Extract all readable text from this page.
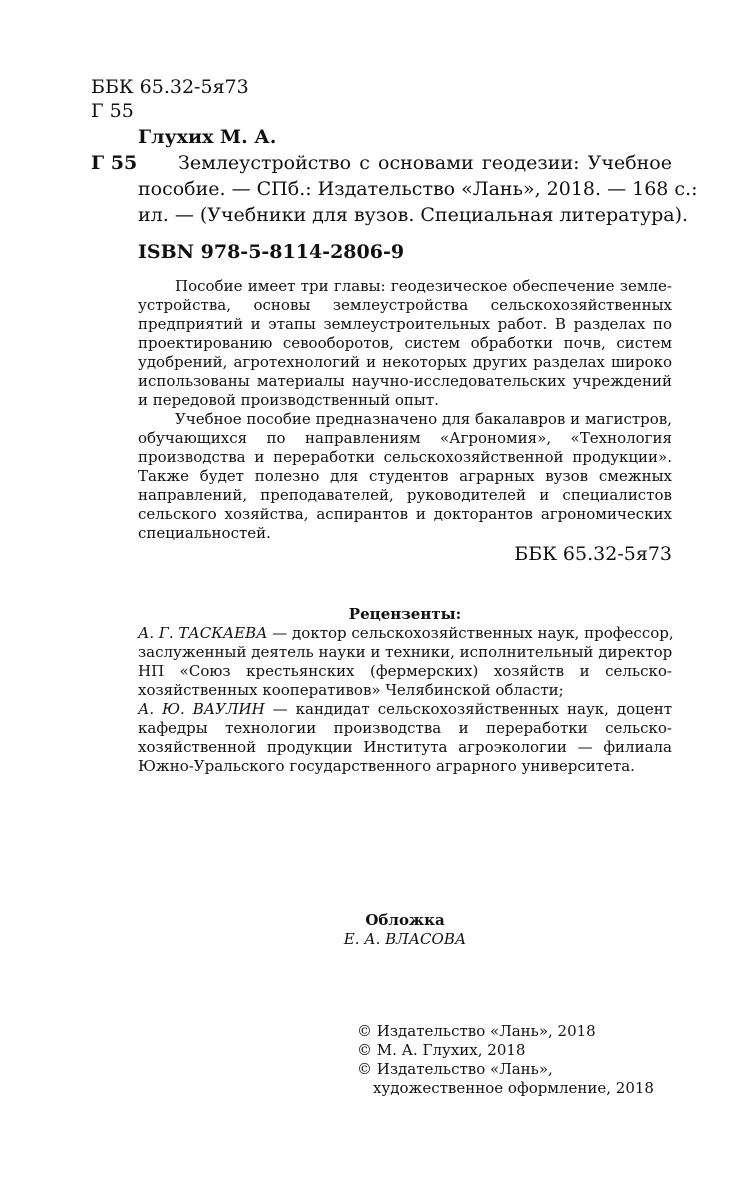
ББК 65.32-5я73
Г 55
Глухих М. А.
Г 55 Землеустройство с основами геодезии: Учебное
пособие. — СПб.: Издательство «Лань», 2018. — 168 с.:
ил. — (Учебники для вузов. Специальная литература).
ISBN 978-5-8114-2806-9
Пособие имеет три главы: геодезическое обеспечение земле-
устройства, основы землеустройства сельскохозяйственных
предприятий и этапы землеустроительных работ. В разделах по
проектированию севооборотов, систем обработки почв, систем
удобрений, агротехнологий и некоторых других разделах широко
использованы материалы научно-исследовательских учреждений
и передовой производственный опыт.
Учебное пособие предназначено для бакалавров и магистров,
обучающихся по направлениям «Агрономия», «Технология
производства и переработки сельскохозяйственной продукции».
Также будет полезно для студентов аграрных вузов смежных
направлений, преподавателей, руководителей и специалистов
сельского хозяйства, аспирантов и докторантов агрономических
специальностей.
ББК 65.32-5я73
Рецензенты:
А. Г. ТАСКАЕВА — доктор сельскохозяйственных наук, профессор,
заслуженный деятель науки и техники, исполнительный директор
НП «Союз крестьянских (фермерских) хозяйств и сельско-
хозяйственных кооперативов» Челябинской области;
А. Ю. ВАУЛИН — кандидат сельскохозяйственных наук, доцент
кафедры технологии производства и переработки сельско-
хозяйственной продукции Института агроэкологии — филиала
Южно-Уральского государственного аграрного университета.
Обложка
Е. А. ВЛАСОВА
© Издательство «Лань», 2018
© М. А. Глухих, 2018
© Издательство «Лань»,
художественное оформление, 2018
